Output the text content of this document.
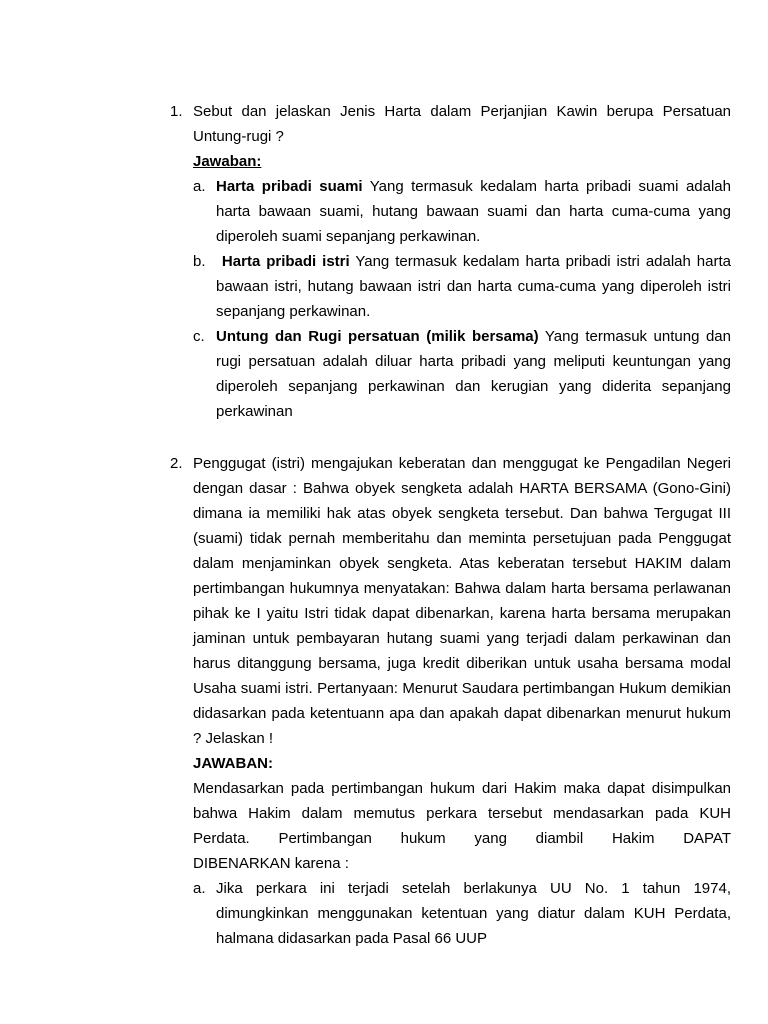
1. Sebut dan jelaskan Jenis Harta dalam Perjanjian Kawin berupa Persatuan Untung-rugi ?

Jawaban:

a. Harta pribadi suami Yang termasuk kedalam harta pribadi suami adalah harta bawaan suami, hutang bawaan suami dan harta cuma-cuma yang diperoleh suami sepanjang perkawinan.

b. Harta pribadi istri Yang termasuk kedalam harta pribadi istri adalah harta bawaan istri, hutang bawaan istri dan harta cuma-cuma yang diperoleh istri sepanjang perkawinan.

c. Untung dan Rugi persatuan (milik bersama) Yang termasuk untung dan rugi persatuan adalah diluar harta pribadi yang meliputi keuntungan yang diperoleh sepanjang perkawinan dan kerugian yang diderita sepanjang perkawinan

2. Penggugat (istri) mengajukan keberatan dan menggugat ke Pengadilan Negeri dengan dasar : Bahwa obyek sengketa adalah HARTA BERSAMA (Gono-Gini) dimana ia memiliki hak atas obyek sengketa tersebut. Dan bahwa Tergugat III (suami) tidak pernah memberitahu dan meminta persetujuan pada Penggugat dalam menjaminkan obyek sengketa. Atas keberatan tersebut HAKIM dalam pertimbangan hukumnya menyatakan: Bahwa dalam harta bersama perlawanan pihak ke I yaitu Istri tidak dapat dibenarkan, karena harta bersama merupakan jaminan untuk pembayaran hutang suami yang terjadi dalam perkawinan dan harus ditanggung bersama, juga kredit diberikan untuk usaha bersama modal Usaha suami istri. Pertanyaan: Menurut Saudara pertimbangan Hukum demikian didasarkan pada ketentuann apa dan apakah dapat dibenarkan menurut hukum ? Jelaskan !

JAWABAN:

Mendasarkan pada pertimbangan hukum dari Hakim maka dapat disimpulkan bahwa Hakim dalam memutus perkara tersebut mendasarkan pada KUH Perdata. Pertimbangan hukum yang diambil Hakim DAPAT

DIBENARKAN karena :

a. Jika perkara ini terjadi setelah berlakunya UU No. 1 tahun 1974, dimungkinkan menggunakan ketentuan yang diatur dalam KUH Perdata, halmana didasarkan pada Pasal 66 UUP
